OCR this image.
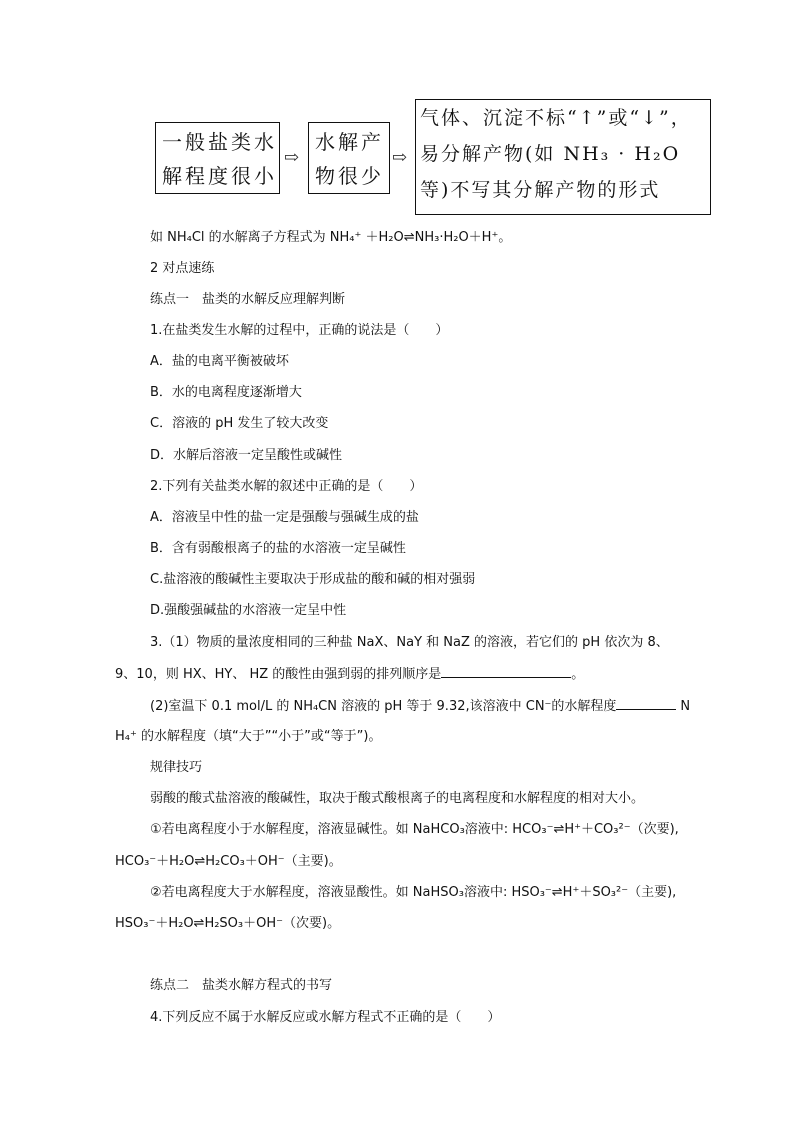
一般盐类水
解程度很小
⇨
水解产
物很少
⇨
气体、沉淀不标“↑”或“↓”，
易分解产物(如 NH₃ · H₂O
等)不写其分解产物的形式
如 NH₄Cl 的水解离子方程式为 NH₄⁺ ＋H₂O⇌NH₃·H₂O＋H⁺。
2 对点速练
练点一　盐类的水解反应理解判断
1.在盐类发生水解的过程中，正确的说法是（　　）
A．盐的电离平衡被破坏
B．水的电离程度逐渐增大
C．溶液的 pH 发生了较大改变
D．水解后溶液一定呈酸性或碱性
2.下列有关盐类水解的叙述中正确的是（　　）
A．溶液呈中性的盐一定是强酸与强碱生成的盐
B．含有弱酸根离子的盐的水溶液一定呈碱性
C.盐溶液的酸碱性主要取决于形成盐的酸和碱的相对强弱
D.强酸强碱盐的水溶液一定呈中性
3.（1）物质的量浓度相同的三种盐 NaX、NaY 和 NaZ 的溶液，若它们的 pH 依次为 8、
9、10，则 HX、HY、 HZ 的酸性由强到弱的排列顺序是	。
(2)室温下 0.1 mol/L 的 NH₄CN 溶液的 pH 等于 9.32,该溶液中 CN⁻的水解程度	N
H₄⁺ 的水解程度（填“大于”“小于”或“等于”)。
规律技巧
弱酸的酸式盐溶液的酸碱性，取决于酸式酸根离子的电离程度和水解程度的相对大小。
①若电离程度小于水解程度，溶液显碱性。如 NaHCO₃溶液中: HCO₃⁻⇌H⁺＋CO₃²⁻（次要),
HCO₃⁻＋H₂O⇌H₂CO₃＋OH⁻（主要)。
②若电离程度大于水解程度，溶液显酸性。如 NaHSO₃溶液中: HSO₃⁻⇌H⁺＋SO₃²⁻（主要),
HSO₃⁻＋H₂O⇌H₂SO₃＋OH⁻（次要)。
练点二　盐类水解方程式的书写
4.下列反应不属于水解反应或水解方程式不正确的是（　　）
